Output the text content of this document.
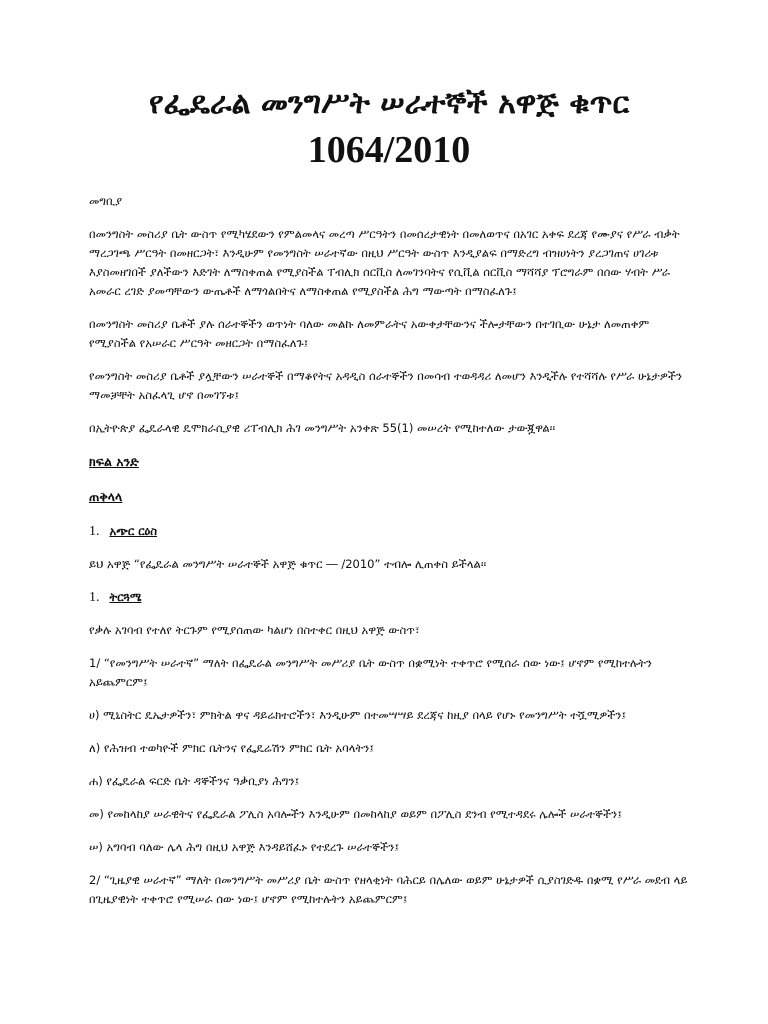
የፌዴራል መንግሥት ሠራተኞች አዋጅ ቁጥር
1064/2010

መግቢያ

በመንግስት መስሪያ ቤት ውስጥ የሚካሄደውን የምልመላና መረጣ ሥርዓትን በመሰረታዊነት በመለወጥና በአገር አቀፍ ደረጃ የሙያና የሥራ ብቃት ማረጋገጫ ሥርዓት በመዘርጋት፣ እንዲሁም የመንግስት ሠራተኛው በዚህ ሥርዓት ውስጥ እንዲያልፍ በማድረግ ብዝሀነትን ያረጋገጠና ሀገሪቱ እያስመዘገበች ያለችውን እድገት ለማስቀጠል የሚያስችል ፐብሊክ ሰርቪስ ለመገንባትና የሲቪል ሰርቪስ ማሻሻያ ፕሮግራም በሰው ሃብት ሥራ አመራር ረገድ ያመጣቸውን ውጤቶች ለማጎልበትና ለማስቀጠል የሚያስችል ሕግ ማውጣት በማስፈለጉ፤

በመንግስት መስሪያ ቤቶች ያሉ ሰራተኞችን ወጥነት ባለው መልኩ ለመምራትና አውቀታቸውንና ችሎታቸውን በተገቢው ሁኔታ ለመጠቀም የሚያስችል የአሠራር ሥርዓት መዘርጋት በማስፈለጉ፤

የመንግስት መስሪያ ቤቶች ያሏቸውን ሠራተኞች በማቆየትና አዳዲስ ሰራተኞችን በመሳብ ተወዳዳሪ ለመሆን እንዲችሉ የተሻሻሉ የሥራ ሁኔታዎችን ማመቻቸት አስፈላጊ ሆኖ በመገኘቱ፤

በኢትዮጵያ ፌዴራላዊ ዴሞክራሲያዊ ሪፐብሊክ ሕገ መንግሥት አንቀጽ 55(1) መሠረት የሚከተለው ታውጇዋል፡፡

ክፍል አንድ

ጠቅላላ

1. አጭር ርዕስ

ይህ አዋጅ “የፌዴራል መንግሥት ሠራተኞች አዋጅ ቁጥር ― /2010” ተብሎ ሊጠቀስ ይችላል፡፡

1. ትርጓሜ

የቃሉ አገባብ የተለየ ትርጉም የሚያሰጠው ካልሆነ በስተቀር በዚህ አዋጅ ውስጥ፣

1/ “የመንግሥት ሠራተኛ” ማለት በፌዴራል መንግሥት መሥሪያ ቤት ውስጥ በቋሚነት ተቀጥሮ የሚሰራ ሰው ነው፤ ሆኖም የሚከተሉትን አይጨምርም፤

ሀ) ሚኒስትር ዴኤታዎችን፣ ምክትል ዋና ዳይሬክተሮችን፣ እንዲሁም በተመሣሣይ ደረጃና ከዚያ በላይ የሆኑ የመንግሥት ተሿሚዎችን፤

ለ) የሕዝብ ተወካዮች ምክር ቤትንና የፌዴሬሽን ምክር ቤት አባላትን፤

ሐ) የፌዴራል ፍርድ ቤት ዳኞችንና ዓቃቢያነ ሕግን፤

መ) የመከላከያ ሠራዊትና የፌዴራል ፖሊስ አባሎችን እንዲሁም በመከላከያ ወይም በፖሊስ ደንብ የሚተዳደሩ ሌሎች ሠራተኞችን፤

ሠ) አግባብ ባለው ሌላ ሕግ በዚህ አዋጅ እንዳይሸፈኑ የተደረጉ ሠራተኞችን፤

2/ “ጊዜያዊ ሠራተኛ” ማለት በመንግሥት መሥሪያ ቤት ውስጥ የዘላቂነት ባሕርይ በሌለው ወይም ሁኔታዎች ሲያስገድዱ በቋሚ የሥራ መደብ ላይ በጊዜያዊነት ተቀጥሮ የሚሠራ ሰው ነው፤ ሆኖም የሚከተሉትን አይጨምርም፤
